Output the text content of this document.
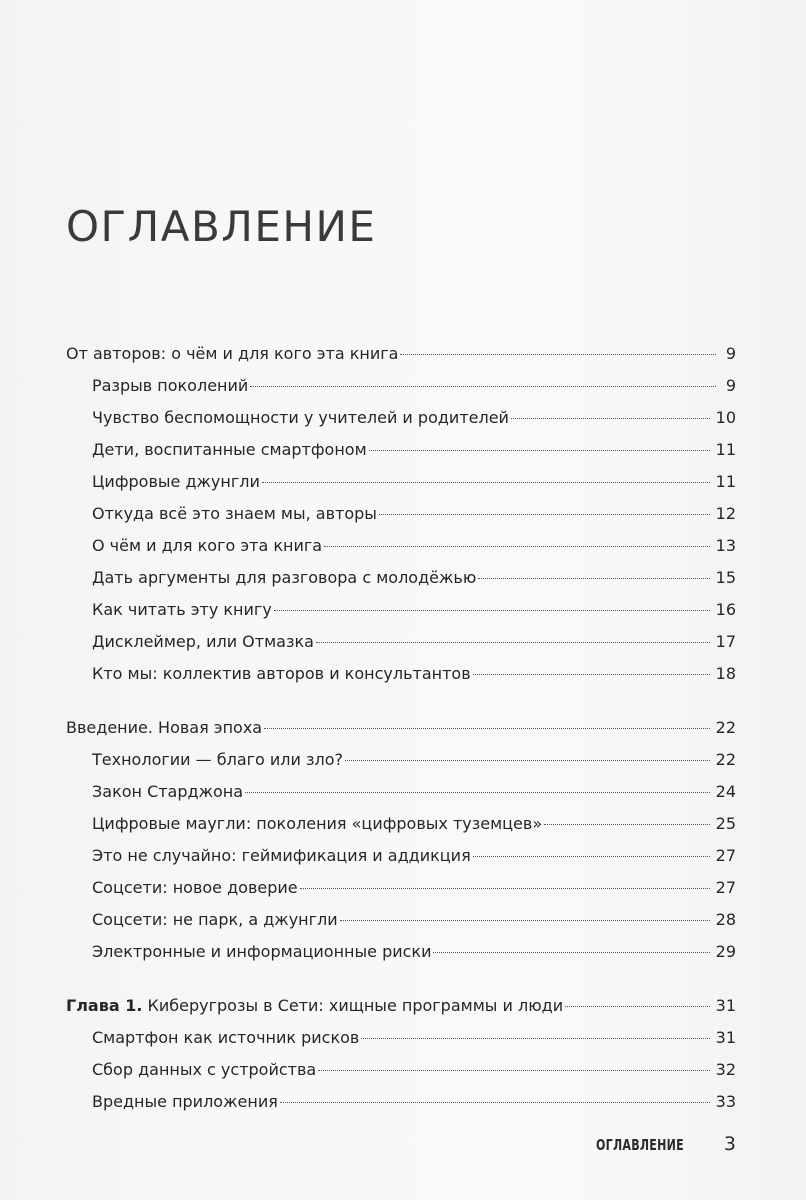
ОГЛАВЛЕНИЕ
От авторов: о чём и для кого эта книга	9
Разрыв поколений	9
Чувство беспомощности у учителей и родителей	10
Дети, воспитанные смартфоном	11
Цифровые джунгли	11
Откуда всё это знаем мы, авторы	12
О чём и для кого эта книга	13
Дать аргументы для разговора с молодёжью	15
Как читать эту книгу	16
Дисклеймер, или Отмазка	17
Кто мы: коллектив авторов и консультантов	18
Введение. Новая эпоха	22
Технологии — благо или зло?	22
Закон Старджона	24
Цифровые маугли: поколения «цифровых туземцев»	25
Это не случайно: геймификация и аддикция	27
Соцсети: новое доверие	27
Соцсети: не парк, а джунгли	28
Электронные и информационные риски	29
Глава 1. Киберугрозы в Сети: хищные программы и люди	31
Смартфон как источник рисков	31
Сбор данных с устройства	32
Вредные приложения	33
ОГЛАВЛЕНИЕ 3
